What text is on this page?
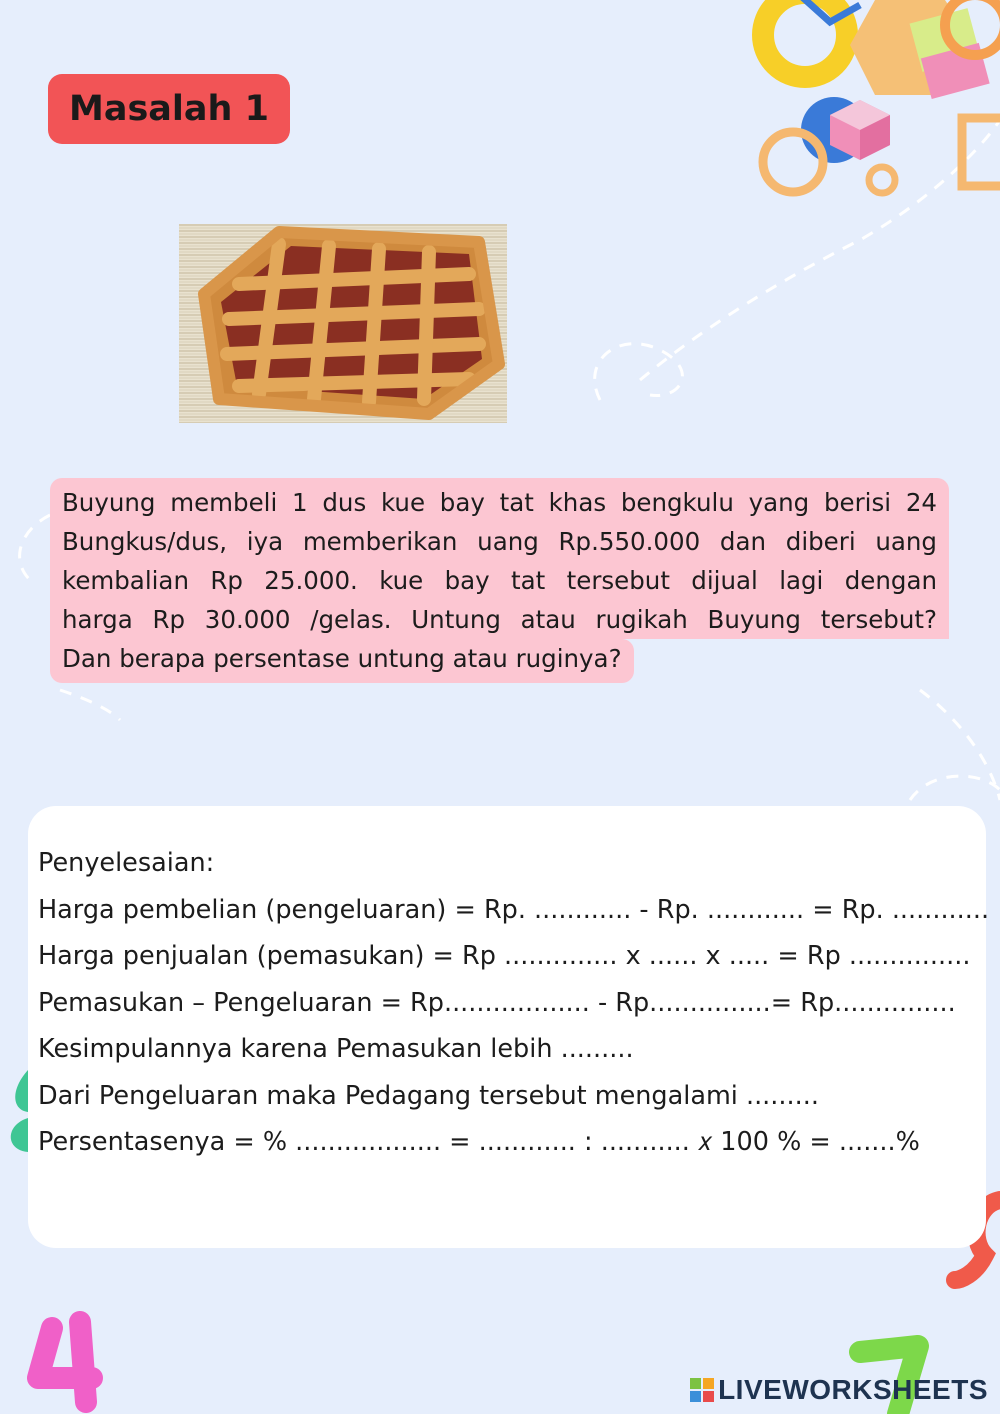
Masalah 1
Buyung membeli 1 dus kue bay tat khas bengkulu yang berisi 24
Bungkus/dus, iya memberikan uang Rp.550.000 dan diberi uang
kembalian Rp 25.000. kue bay tat tersebut dijual lagi dengan
harga Rp 30.000 /gelas. Untung atau rugikah Buyung tersebut?
Dan berapa persentase untung atau ruginya?
Penyelesaian:
Harga pembelian (pengeluaran) = Rp. ............ - Rp. ............ = Rp. ............
Harga penjualan (pemasukan) = Rp .............. x ...... x ..... = Rp ...............
Pemasukan – Pengeluaran = Rp.................. - Rp...............= Rp...............
Kesimpulannya karena Pemasukan lebih .........
Dari Pengeluaran maka Pedagang tersebut mengalami .........
Persentasenya = % .................. = ............ : ........... 𝑥 100 % = .......%
LIVEWORKSHEETS
